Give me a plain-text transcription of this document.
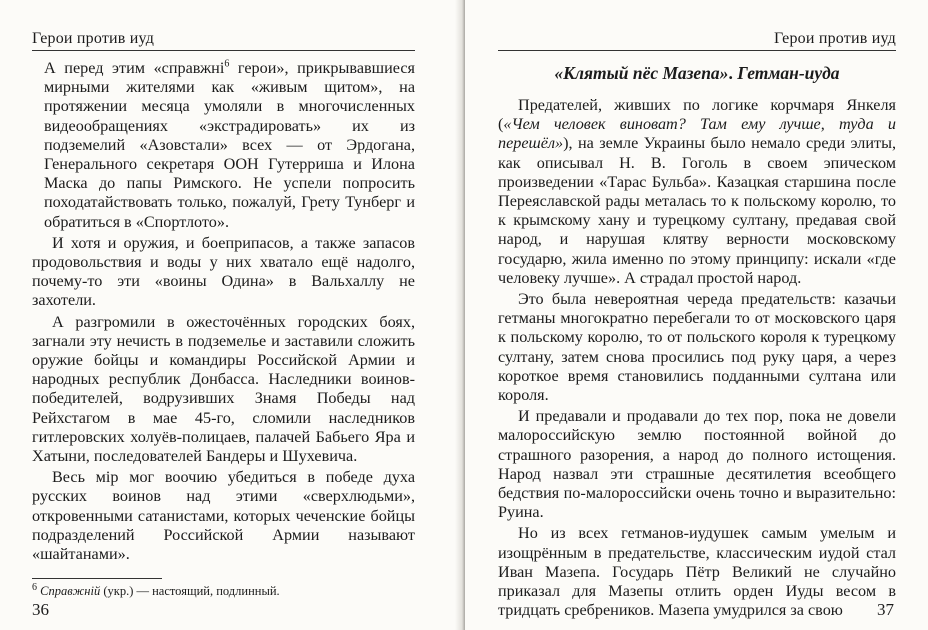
Герои против иуд

А перед этим «справжні$^6$ герои», прикрывавшиеся мирными жителями как «живым щитом», на протяжении месяца умоляли в многочисленных видеообращениях «экстрадировать» их из подземелий «Азовстали» всех — от Эрдогана, Генерального секретаря ООН Гутерриша и Илона Маска до папы Римского. Не успели попросить походатайствовать только, пожалуй, Грету Тунберг и обратиться в «Спортлото».

И хотя и оружия, и боеприпасов, а также запасов продовольствия и воды у них хватало ещё надолго, почему-то эти «воины Одина» в Вальхаллу не захотели.

А разгромили в ожесточённых городских боях, загнали эту нечисть в подземелье и заставили сложить оружие бойцы и командиры Российской Армии и народных республик Донбасса. Наследники воинов-победителей, водрузивших Знамя Победы над Рейхстагом в мае 45-го, сломили наследников гитлеровских холуёв-полицаев, палачей Бабьего Яра и Хатыни, последователей Бандеры и Шухевича.

Весь міp мог воочию убедиться в победе духа русских воинов над этими «сверхлюдьми», откровенными сатанистами, которых чеченские бойцы подразделений Российской Армии называют «шайтанами».

$^6$ Справжній (укр.) — настоящий, подлинный.
36
Герои против иуд
«Клятый пёс Мазепа». Гетман-иуда

Предателей, живших по логике корчмаря Янкеля («Чем человек виноват? Там ему лучше, туда и перешёл»), на земле Украины было немало среди элиты, как описывал Н. В. Гоголь в своем эпическом произведении «Тарас Бульба». Казацкая старшина после Переяславской рады металась то к польскому королю, то к крымскому хану и турецкому султану, предавая свой народ, и нарушая клятву верности московскому государю, жила именно по этому принципу: искали «где человеку лучше». А страдал простой народ.

Это была невероятная череда предательств: казачьи гетманы многократно перебегали то от московского царя к польскому королю, то от польского короля к турецкому султану, затем снова просились под руку царя, а через короткое время становились подданными султана или короля.

И предавали и продавали до тех пор, пока не довели малороссийскую землю постоянной войной до страшного разорения, а народ до полного истощения. Народ назвал эти страшные десятилетия всеобщего бедствия по-малороссийски очень точно и выразительно: Руина.

Но из всех гетманов-иудушек самым умелым и изощрённым в предательстве, классическим иудой стал Иван Мазепа. Государь Пётр Великий не случайно приказал для Мазепы отлить орден Иуды весом в тридцать сребреников. Мазепа умудрился за свою	37
